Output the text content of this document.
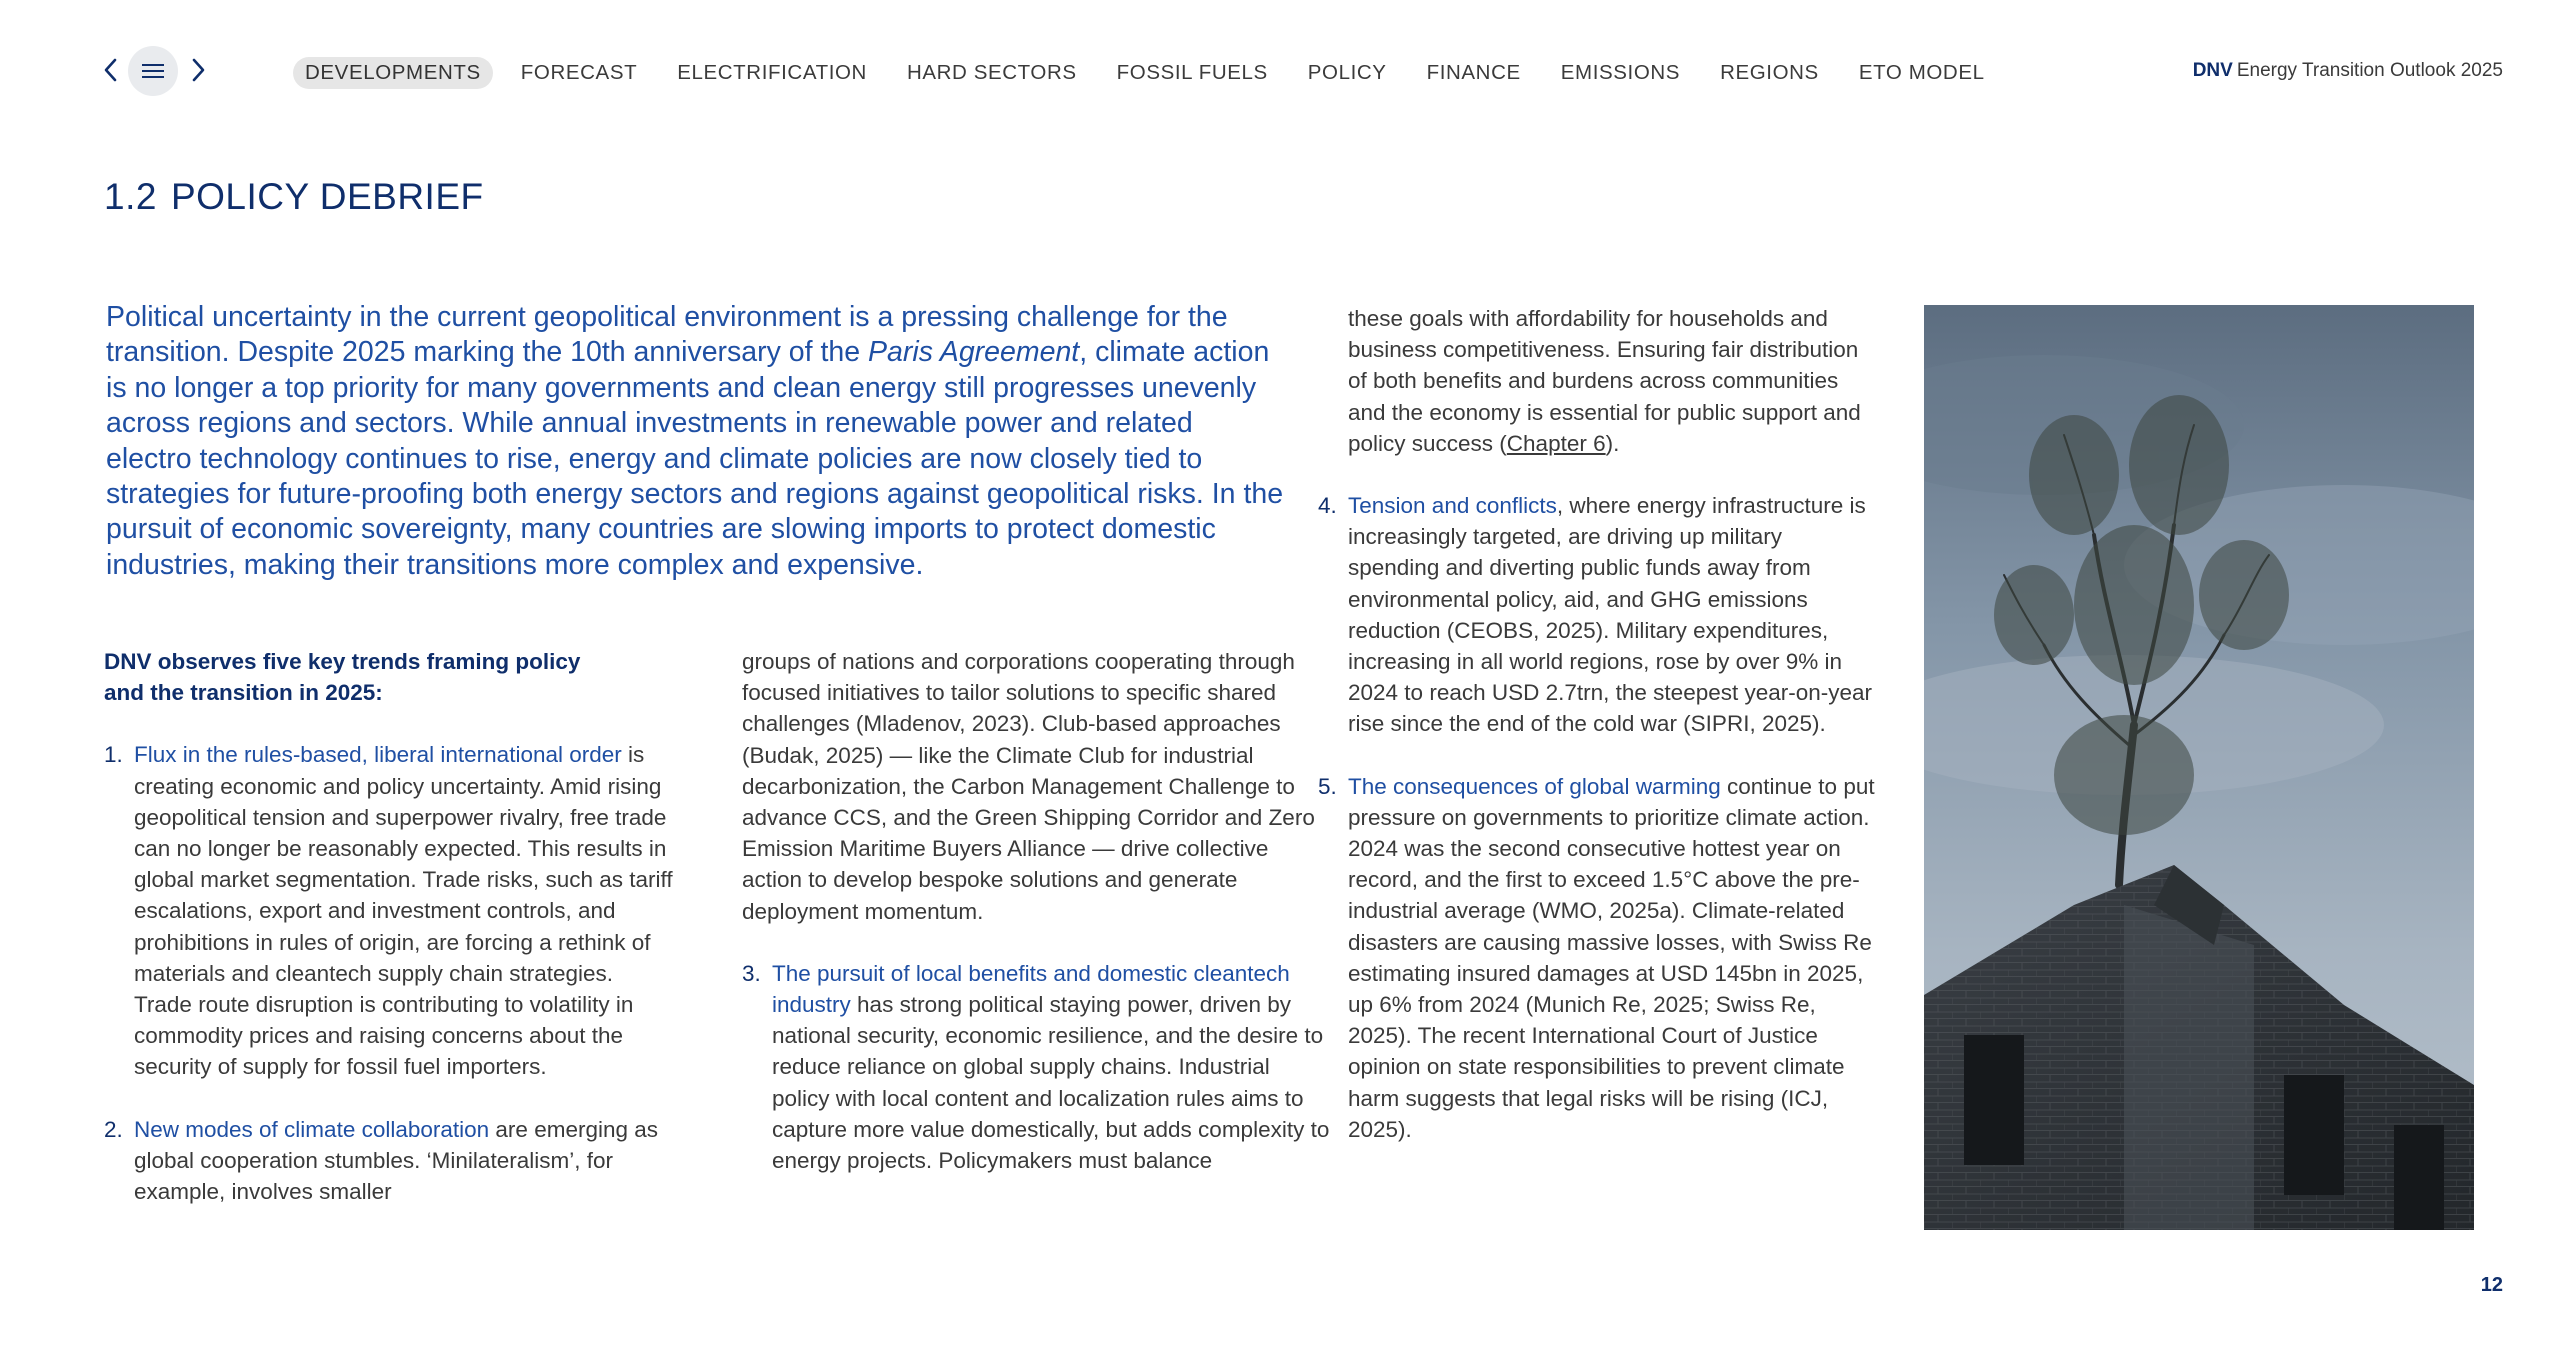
DEVELOPMENTS	FORECAST	ELECTRIFICATION	HARD SECTORS	FOSSIL FUELS	POLICY	FINANCE	EMISSIONS	REGIONS	ETO MODEL	DNV Energy Transition Outlook 2025
1.2 POLICY DEBRIEF

Political uncertainty in the current geopolitical environment is a pressing challenge for the transition. Despite 2025 marking the 10th anniversary of the Paris Agreement, climate action is no longer a top priority for many governments and clean energy still progresses unevenly across regions and sectors. While annual investments in renewable power and related electro technology continues to rise, energy and climate policies are now closely tied to strategies for future-proofing both energy sectors and regions against geopolitical risks. In the pursuit of economic sovereignty, many countries are slowing imports to protect domestic industries, making their transitions more complex and expensive.

DNV observes five key trends framing policy and the transition in 2025:
1. Flux in the rules-based, liberal international order is creating economic and policy uncertainty. Amid rising geopolitical tension and superpower rivalry, free trade can no longer be reasonably expected. This results in global market segmentation. Trade risks, such as tariff escalations, export and investment controls, and prohibitions in rules of origin, are forcing a rethink of materials and cleantech supply chain strategies. Trade route disruption is contributing to volatility in commodity prices and raising concerns about the security of supply for fossil fuel importers.
2. New modes of climate collaboration are emerging as global cooperation stumbles. ‘Minilateralism’, for example, involves smaller
groups of nations and corporations cooperating through focused initiatives to tailor solutions to specific shared challenges (Mladenov, 2023). Club-based approaches (Budak, 2025) — like the Climate Club for industrial decarbonization, the Carbon Management Challenge to advance CCS, and the Green Shipping Corridor and Zero Emission Maritime Buyers Alliance — drive collective action to develop bespoke solutions and generate deployment momentum.
3. The pursuit of local benefits and domestic cleantech industry has strong political staying power, driven by national security, economic resilience, and the desire to reduce reliance on global supply chains. Industrial policy with local content and localization rules aims to capture more value domestically, but adds complexity to energy projects. Policymakers must balance
these goals with affordability for households and business competitiveness. Ensuring fair distribution of both benefits and burdens across communities and the economy is essential for public support and policy success (Chapter 6).
4. Tension and conflicts, where energy infrastructure is increasingly targeted, are driving up military spending and diverting public funds away from environmental policy, aid, and GHG emissions reduction (CEOBS, 2025). Military expenditures, increasing in all world regions, rose by over 9% in 2024 to reach USD 2.7trn, the steepest year-on-year rise since the end of the cold war (SIPRI, 2025).
5. The consequences of global warming continue to put pressure on governments to prioritize climate action. 2024 was the second consecutive hottest year on record, and the first to exceed 1.5°C above the pre-industrial average (WMO, 2025a). Climate-related disasters are causing massive losses, with Swiss Re estimating insured damages at USD 145bn in 2025, up 6% from 2024 (Munich Re, 2025; Swiss Re, 2025). The recent International Court of Justice opinion on state responsibilities to prevent climate harm suggests that legal risks will be rising (ICJ, 2025).
12
